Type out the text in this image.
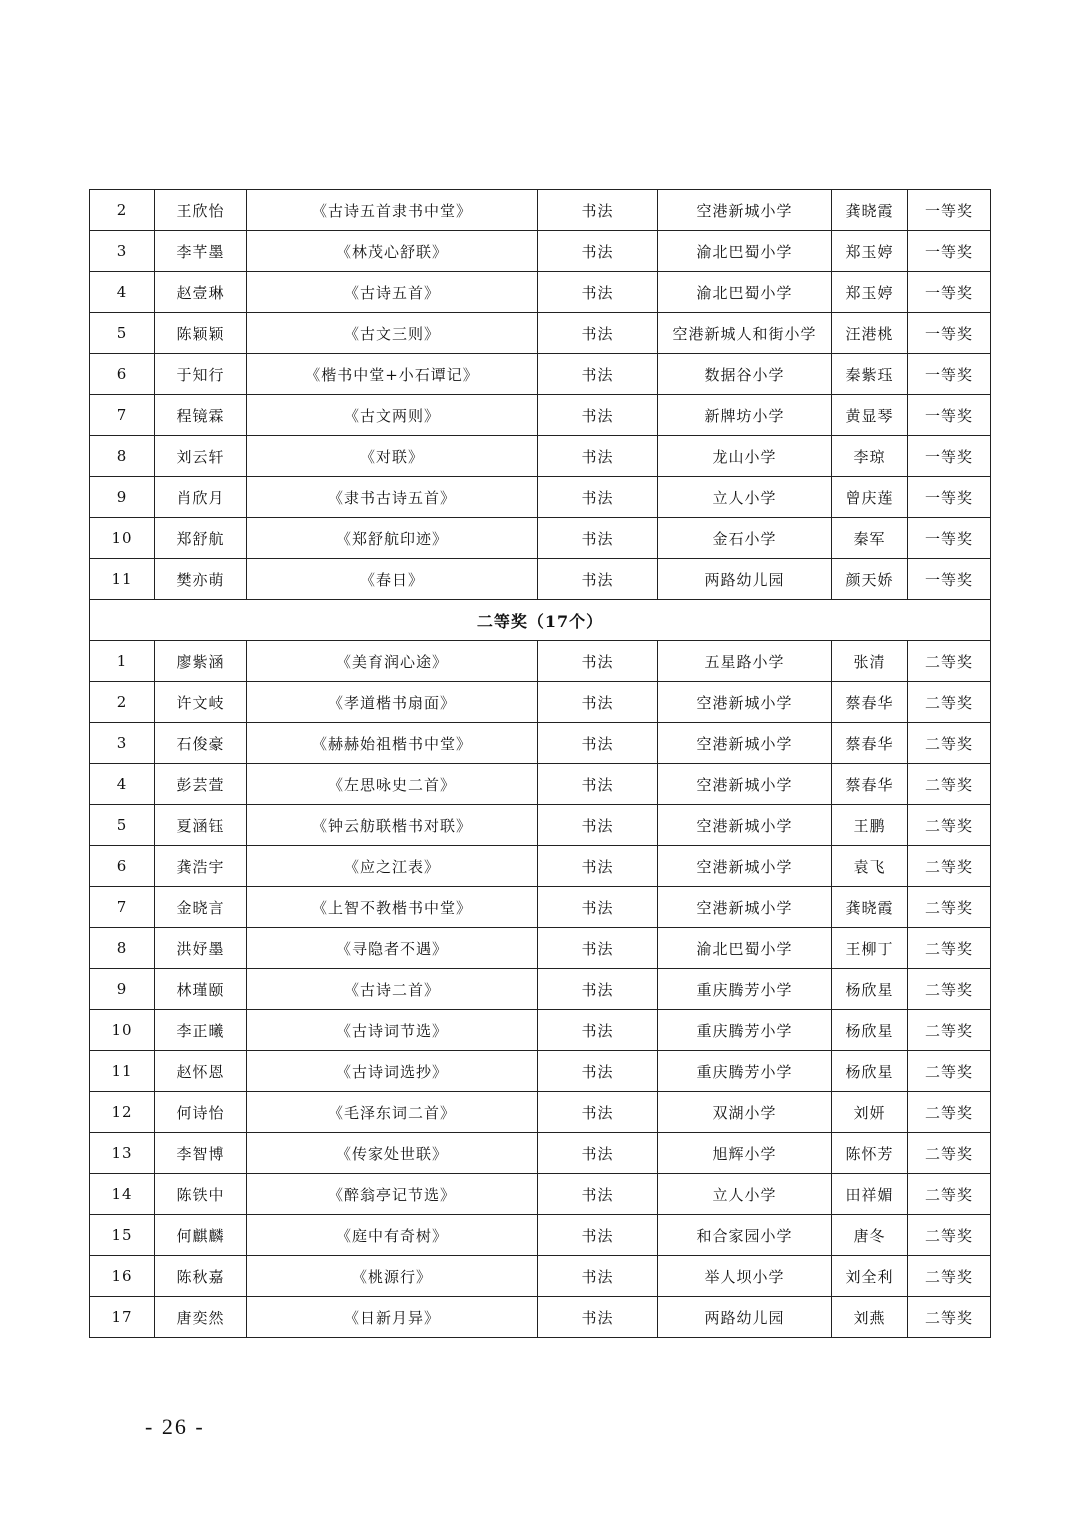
2	王欣怡	《古诗五首隶书中堂》	书法	空港新城小学	龚晓霞	一等奖
3	李芊墨	《林茂心舒联》	书法	渝北巴蜀小学	郑玉婷	一等奖
4	赵壹琳	《古诗五首》	书法	渝北巴蜀小学	郑玉婷	一等奖
5	陈颖颖	《古文三则》	书法	空港新城人和街小学	汪港桃	一等奖
6	于知行	《楷书中堂+小石谭记》	书法	数据谷小学	秦紫珏	一等奖
7	程镜霖	《古文两则》	书法	新牌坊小学	黄显琴	一等奖
8	刘云轩	《对联》	书法	龙山小学	李琼	一等奖
9	肖欣月	《隶书古诗五首》	书法	立人小学	曾庆莲	一等奖
10	郑舒航	《郑舒航印迹》	书法	金石小学	秦军	一等奖
11	樊亦萌	《春日》	书法	两路幼儿园	颜天娇	一等奖
二等奖（17个）						
1	廖紫涵	《美育润心途》	书法	五星路小学	张清	二等奖
2	许文岐	《孝道楷书扇面》	书法	空港新城小学	蔡春华	二等奖
3	石俊豪	《赫赫始祖楷书中堂》	书法	空港新城小学	蔡春华	二等奖
4	彭芸萱	《左思咏史二首》	书法	空港新城小学	蔡春华	二等奖
5	夏涵钰	《钟云舫联楷书对联》	书法	空港新城小学	王鹏	二等奖
6	龚浩宇	《应之江表》	书法	空港新城小学	袁飞	二等奖
7	金晓言	《上智不教楷书中堂》	书法	空港新城小学	龚晓霞	二等奖
8	洪妤墨	《寻隐者不遇》	书法	渝北巴蜀小学	王柳丁	二等奖
9	林瑾颐	《古诗二首》	书法	重庆腾芳小学	杨欣星	二等奖
10	李正曦	《古诗词节选》	书法	重庆腾芳小学	杨欣星	二等奖
11	赵怀恩	《古诗词选抄》	书法	重庆腾芳小学	杨欣星	二等奖
12	何诗怡	《毛泽东词二首》	书法	双湖小学	刘妍	二等奖
13	李智博	《传家处世联》	书法	旭辉小学	陈怀芳	二等奖
14	陈铁中	《醉翁亭记节选》	书法	立人小学	田祥媚	二等奖
15	何麒麟	《庭中有奇树》	书法	和合家园小学	唐冬	二等奖
16	陈秋嘉	《桃源行》	书法	举人坝小学	刘全利	二等奖
17	唐奕然	《日新月异》	书法	两路幼儿园	刘燕	二等奖
- 26 -
